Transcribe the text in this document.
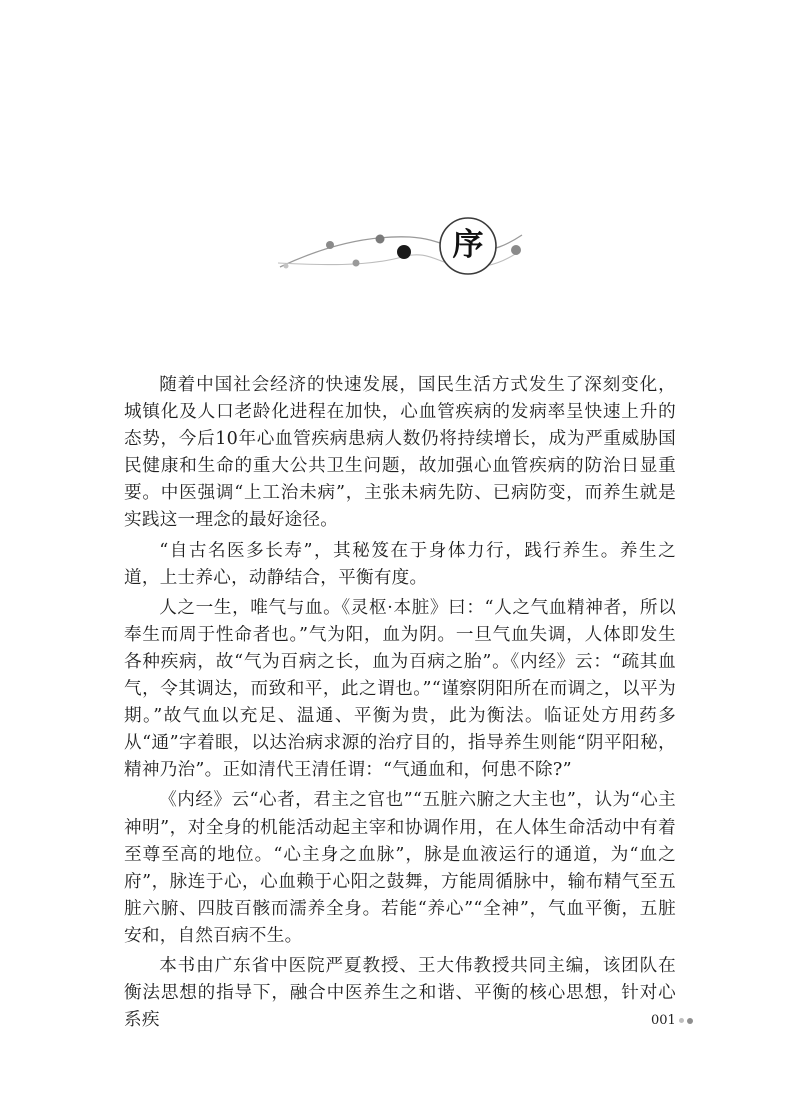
序

随着中国社会经济的快速发展，国民生活方式发生了深刻变化，城镇化及人口老龄化进程在加快，心血管疾病的发病率呈快速上升的态势，今后10年心血管疾病患病人数仍将持续增长，成为严重威胁国民健康和生命的重大公共卫生问题，故加强心血管疾病的防治日显重要。中医强调“上工治未病”，主张未病先防、已病防变，而养生就是实践这一理念的最好途径。

“自古名医多长寿”，其秘笈在于身体力行，践行养生。养生之道，上士养心，动静结合，平衡有度。

人之一生，唯气与血。《灵枢·本脏》曰：“人之气血精神者，所以奉生而周于性命者也。”气为阳，血为阴。一旦气血失调，人体即发生各种疾病，故“气为百病之长，血为百病之胎”。《内经》云：“疏其血气，令其调达，而致和平，此之谓也。”“谨察阴阳所在而调之，以平为期。”故气血以充足、温通、平衡为贵，此为衡法。临证处方用药多从“通”字着眼，以达治病求源的治疗目的，指导养生则能“阴平阳秘，精神乃治”。正如清代王清任谓：“气通血和，何患不除?”

《内经》云“心者，君主之官也”“五脏六腑之大主也”，认为“心主神明”，对全身的机能活动起主宰和协调作用，在人体生命活动中有着至尊至高的地位。“心主身之血脉”，脉是血液运行的通道，为“血之府”，脉连于心，心血赖于心阳之鼓舞，方能周循脉中，输布精气至五脏六腑、四肢百骸而濡养全身。若能“养心”“全神”，气血平衡，五脏安和，自然百病不生。

本书由广东省中医院严夏教授、王大伟教授共同主编，该团队在衡法思想的指导下，融合中医养生之和谐、平衡的核心思想，针对心系疾	001
